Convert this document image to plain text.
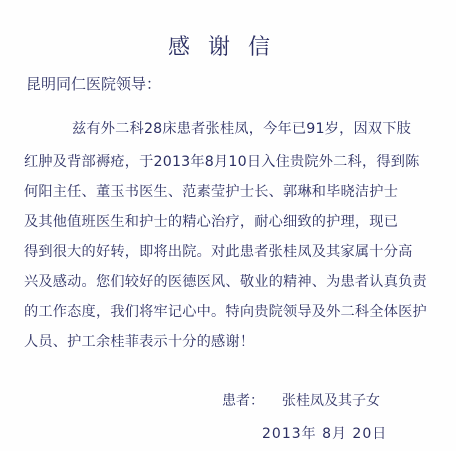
感谢信
昆明同仁医院领导：
兹有外二科28床患者张桂凤，今年已91岁，因双下肢
红肿及背部褥疮，于2013年8月10日入住贵院外二科，得到陈
何阳主任、董玉书医生、范素莹护士长、郭琳和毕晓洁护士
及其他值班医生和护士的精心治疗，耐心细致的护理，现已
得到很大的好转，即将出院。对此患者张桂凤及其家属十分高
兴及感动。您们较好的医德医风、敬业的精神、为患者认真负责
的工作态度，我们将牢记心中。特向贵院领导及外二科全体医护
人员、护工余桂菲表示十分的感谢！
患者： 张桂凤及其子女
2013年 8月 20日
